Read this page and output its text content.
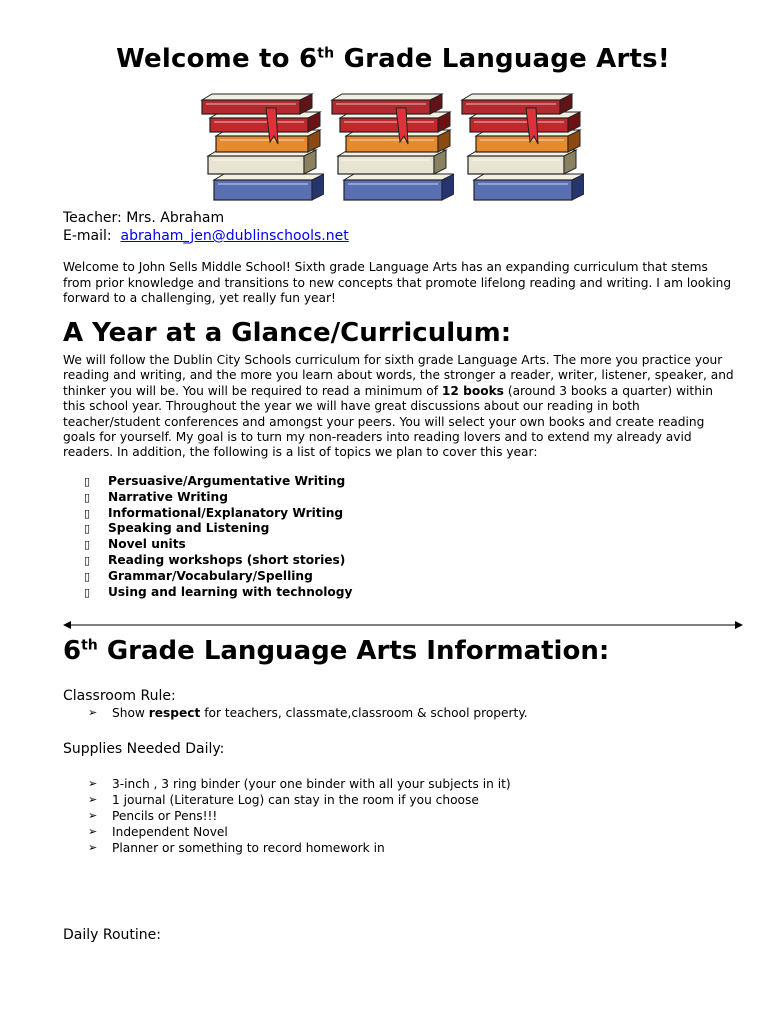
Welcome to 6th Grade Language Arts!
Teacher: Mrs. Abraham
E-mail: abraham_jen@dublinschools.net
Welcome to John Sells Middle School! Sixth grade Language Arts has an expanding curriculum that stems from prior knowledge and transitions to new concepts that promote lifelong reading and writing. I am looking forward to a challenging, yet really fun year!
A Year at a Glance/Curriculum:
We will follow the Dublin City Schools curriculum for sixth grade Language Arts. The more you practice your reading and writing, and the more you learn about words, the stronger a reader, writer, listener, speaker, and thinker you will be. You will be required to read a minimum of 12 books (around 3 books a quarter) within this school year. Throughout the year we will have great discussions about our reading in both teacher/student conferences and amongst your peers. You will select your own books and create reading goals for yourself. My goal is to turn my non-readers into reading lovers and to extend my already avid readers. In addition, the following is a list of topics we plan to cover this year:
▯ Persuasive/Argumentative Writing
▯ Narrative Writing
▯ Informational/Explanatory Writing
▯ Speaking and Listening
▯ Novel units
▯ Reading workshops (short stories)
▯ Grammar/Vocabulary/Spelling
▯ Using and learning with technology
6th Grade Language Arts Information:
Classroom Rule:
➢ Show respect for teachers, classmate,classroom & school property.
Supplies Needed Daily:
➢ 3-inch , 3 ring binder (your one binder with all your subjects in it)
➢ 1 journal (Literature Log) can stay in the room if you choose
➢ Pencils or Pens!!!
➢ Independent Novel
➢ Planner or something to record homework in
Daily Routine:
